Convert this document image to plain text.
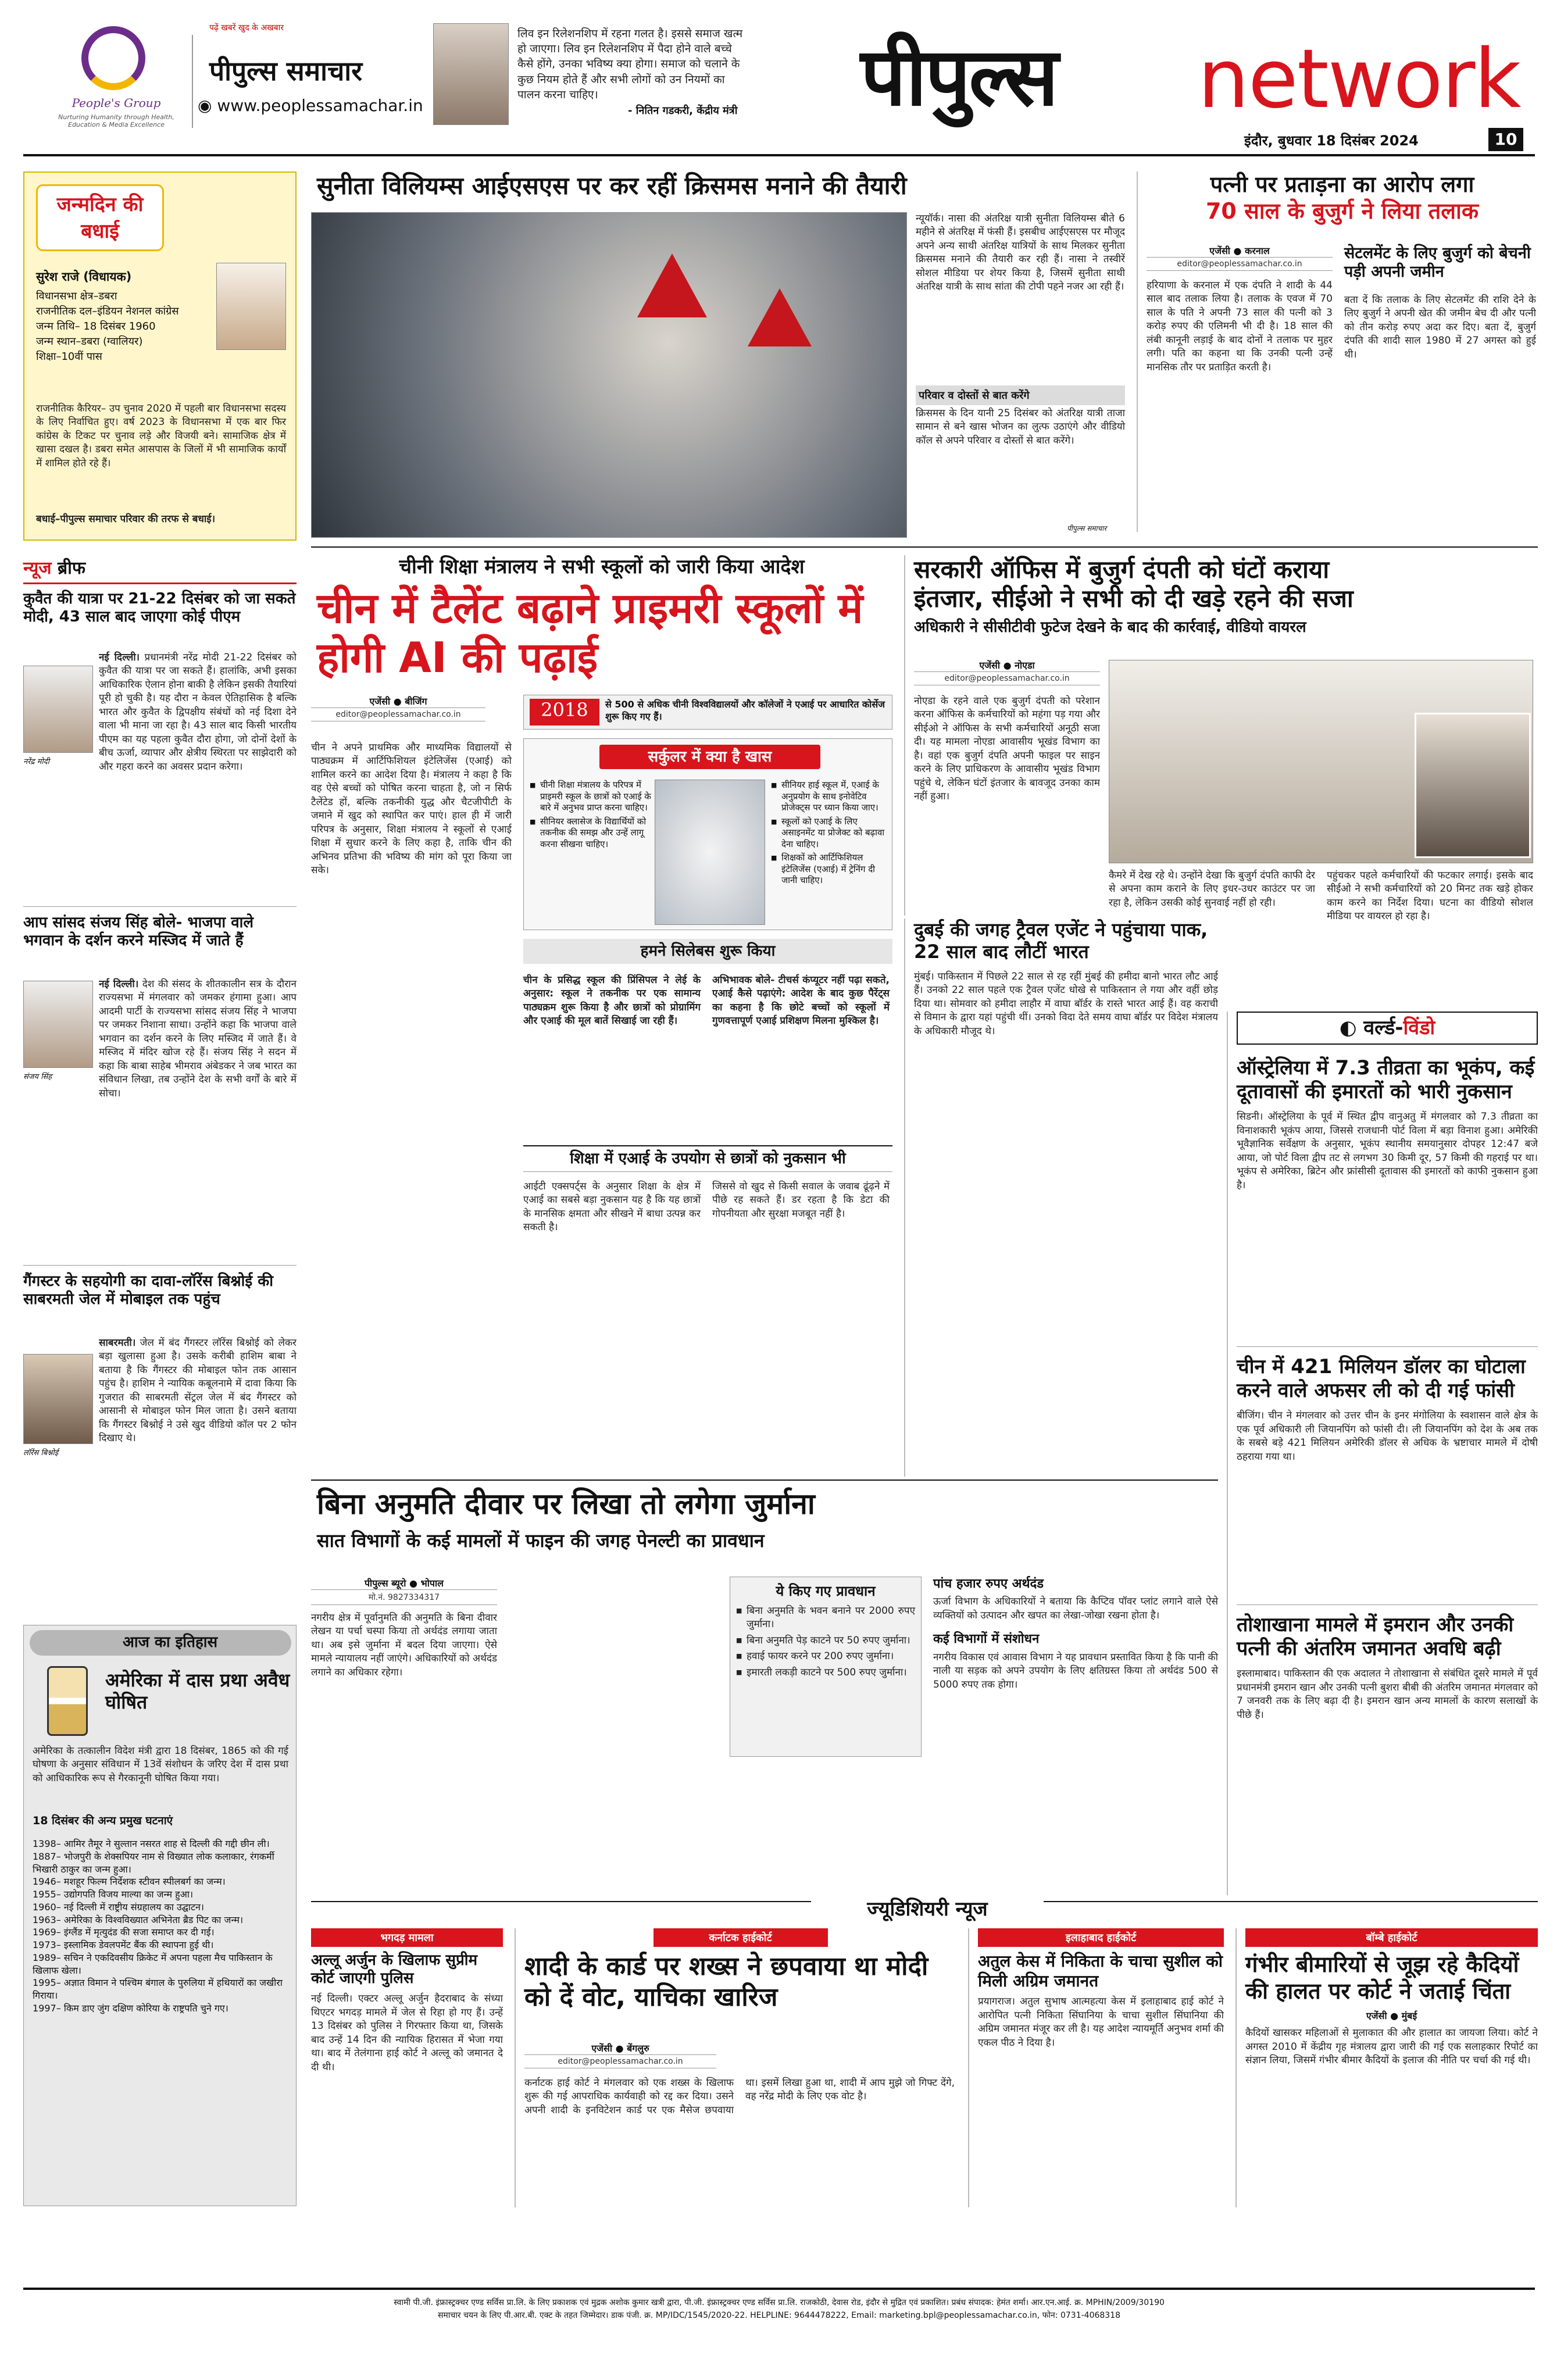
People's Group
Nurturing Humanity through Health, Education & Media Excellence
पढ़ें खबरें खुद के अखबार
पीपुल्स समाचार
◉ www.peoplessamachar.in
लिव इन रिलेशनशिप में रहना गलत है। इससे समाज खत्म हो जाएगा। लिव इन रिलेशनशिप में पैदा होने वाले बच्चे कैसे होंगे, उनका भविष्य क्या होगा। समाज को चलाने के कुछ नियम होते हैं और सभी लोगों को उन नियमों का पालन करना चाहिए।
- नितिन गडकरी, केंद्रीय मंत्री पीपुल्स network
इंदौर, बुधवार 18 दिसंबर 2024	10
जन्मदिन की बधाई
सुरेश राजे (विधायक)
विधानसभा क्षेत्र–डबरा
राजनीतिक दल–इंडियन नेशनल कांग्रेस
जन्म तिथि– 18 दिसंबर 1960
जन्म स्थान–डबरा (ग्वालियर)
शिक्षा–10वीं पास
राजनीतिक कैरियर– उप चुनाव 2020 में पहली बार विधानसभा सदस्य के लिए निर्वाचित हुए। वर्ष 2023 के विधानसभा में एक बार फिर कांग्रेस के टिकट पर चुनाव लड़े और विजयी बने। सामाजिक क्षेत्र में खासा दखल है। डबरा समेत आसपास के जिलों में भी सामाजिक कार्यों में शामिल होते रहे हैं।
बधाई–पीपुल्स समाचार परिवार की तरफ से बधाई।
न्यूज ब्रीफ
कुवैत की यात्रा पर 21-22 दिसंबर को जा सकते मोदी, 43 साल बाद जाएगा कोई पीएम
नरेंद्र मोदी
नई दिल्ली। प्रधानमंत्री नरेंद्र मोदी 21-22 दिसंबर को कुवैत की यात्रा पर जा सकते हैं। हालांकि, अभी इसका आधिकारिक ऐलान होना बाकी है लेकिन इसकी तैयारियां पूरी हो चुकी है। यह दौरा न केवल ऐतिहासिक है बल्कि भारत और कुवैत के द्विपक्षीय संबंधों को नई दिशा देने वाला भी माना जा रहा है। 43 साल बाद किसी भारतीय पीएम का यह पहला कुवैत दौरा होगा, जो दोनों देशों के बीच ऊर्जा, व्यापार और क्षेत्रीय स्थिरता पर साझेदारी को और गहरा करने का अवसर प्रदान करेगा।
आप सांसद संजय सिंह बोले- भाजपा वाले भगवान के दर्शन करने मस्जिद में जाते हैं
संजय सिंह
नई दिल्ली। देश की संसद के शीतकालीन सत्र के दौरान राज्यसभा में मंगलवार को जमकर हंगामा हुआ। आप आदमी पार्टी के राज्यसभा सांसद संजय सिंह ने भाजपा पर जमकर निशाना साधा। उन्होंने कहा कि भाजपा वाले भगवान का दर्शन करने के लिए मस्जिद में जाते हैं। वे मस्जिद में मंदिर खोज रहे हैं। संजय सिंह ने सदन में कहा कि बाबा साहेब भीमराव अंबेडकर ने जब भारत का संविधान लिखा, तब उन्होंने देश के सभी वर्गों के बारे में सोचा।
गैंगस्टर के सहयोगी का दावा-लॉरेंस बिश्नोई की साबरमती जेल में मोबाइल तक पहुंच
लॉरेंस बिश्नोई
साबरमती। जेल में बंद गैंगस्टर लॉरेंस बिश्नोई को लेकर बड़ा खुलासा हुआ है। उसके करीबी हाशिम बाबा ने बताया है कि गैंगस्टर की मोबाइल फोन तक आसान पहुंच है। हाशिम ने न्यायिक कबूलनामे में दावा किया कि गुजरात की साबरमती सेंट्रल जेल में बंद गैंगस्टर को आसानी से मोबाइल फोन मिल जाता है। उसने बताया कि गैंगस्टर बिश्नोई ने उसे खुद वीडियो कॉल पर 2 फोन दिखाए थे।
आज का इतिहास
अमेरिका में दास प्रथा अवैध घोषित
अमेरिका के तत्कालीन विदेश मंत्री द्वारा 18 दिसंबर, 1865 को की गई घोषणा के अनुसार संविधान में 13वें संशोधन के जरिए देश में दास प्रथा को आधिकारिक रूप से गैरकानूनी घोषित किया गया।
18 दिसंबर की अन्य प्रमुख घटनाएं
1398– आमिर तैमूर ने सुल्तान नसरत शाह से दिल्ली की गद्दी छीन ली।
1887– भोजपुरी के शेक्सपियर नाम से विख्यात लोक कलाकार, रंगकर्मी भिखारी ठाकुर का जन्म हुआ।
1946– मशहूर फिल्म निर्देशक स्टीवन स्पीलबर्ग का जन्म।
1955– उद्योगपति विजय माल्या का जन्म हुआ।
1960– नई दिल्ली में राष्ट्रीय संग्रहालय का उद्घाटन।
1963– अमेरिका के विश्वविख्यात अभिनेता ब्रैड पिट का जन्म।
1969– इंग्लैंड में मृत्युदंड की सजा समाप्त कर दी गई।
1973– इस्लामिक डेवलपमेंट बैंक की स्थापना हुई थी।
1989– सचिन ने एकदिवसीय क्रिकेट में अपना पहला मैच पाकिस्तान के खिलाफ खेला।
1995– अज्ञात विमान ने पश्चिम बंगाल के पुरुलिया में हथियारों का जखीरा गिराया।
1997– किम डाए जुंग दक्षिण कोरिया के राष्ट्रपति चुने गए।
सुनीता विलियम्स आईएसएस पर कर रहीं क्रिसमस मनाने की तैयारी
न्यूयॉर्क। नासा की अंतरिक्ष यात्री सुनीता विलियम्स बीते 6 महीने से अंतरिक्ष में फंसी हैं। इसबीच आईएसएस पर मौजूद अपने अन्य साथी अंतरिक्ष यात्रियों के साथ मिलकर सुनीता क्रिसमस मनाने की तैयारी कर रही हैं। नासा ने तस्वीरें सोशल मीडिया पर शेयर किया है, जिसमें सुनीता साथी अंतरिक्ष यात्री के साथ सांता की टोपी पहने नजर आ रही हैं।
परिवार व दोस्तों से बात करेंगे
क्रिसमस के दिन यानी 25 दिसंबर को अंतरिक्ष यात्री ताजा सामान से बने खास भोजन का लुत्फ उठाएंगे और वीडियो कॉल से अपने परिवार व दोस्तों से बात करेंगे।
पीपुल्स समाचार
पत्नी पर प्रताड़ना का आरोप लगा
70 साल के बुजुर्ग ने लिया तलाक
एजेंसी ● करनाल
editor@peoplessamachar.co.in
हरियाणा के करनाल में एक दंपति ने शादी के 44 साल बाद तलाक लिया है। तलाक के एवज में 70 साल के पति ने अपनी 73 साल की पत्नी को 3 करोड़ रुपए की एलिमनी भी दी है। 18 साल की लंबी कानूनी लड़ाई के बाद दोनों ने तलाक पर मुहर लगी। पति का कहना था कि उनकी पत्नी उन्हें मानसिक तौर पर प्रताड़ित करती है।
सेटलमेंट के लिए बुजुर्ग को बेचनी पड़ी अपनी जमीन
बता दें कि तलाक के लिए सेटलमेंट की राशि देने के लिए बुजुर्ग ने अपनी खेत की जमीन बेच दी और पत्नी को तीन करोड़ रुपए अदा कर दिए। बता दें, बुजुर्ग दंपति की शादी साल 1980 में 27 अगस्त को हुई थी।
चीनी शिक्षा मंत्रालय ने सभी स्कूलों को जारी किया आदेश
चीन में टैलेंट बढ़ाने प्राइमरी स्कूलों में होगी AI की पढ़ाई
एजेंसी ● बीजिंग
editor@peoplessamachar.co.in	2018	से 500 से अधिक चीनी विश्वविद्यालयों और कॉलेजों ने एआई पर आधारित कोर्सेज शुरू किए गए हैं।
चीन ने अपने प्राथमिक और माध्यमिक विद्यालयों से पाठ्यक्रम में आर्टिफिशियल इंटेलिजेंस (एआई) को शामिल करने का आदेश दिया है। मंत्रालय ने कहा है कि वह ऐसे बच्चों को पोषित करना चाहता है, जो न सिर्फ टैलेंटेड हों, बल्कि तकनीकी युद्ध और चैटजीपीटी के जमाने में खुद को स्थापित कर पाएं। हाल ही में जारी परिपत्र के अनुसार, शिक्षा मंत्रालय ने स्कूलों से एआई शिक्षा में सुधार करने के लिए कहा है, ताकि चीन की अभिनव प्रतिभा की भविष्य की मांग को पूरा किया जा सके।
सर्कुलर में क्या है खास
■ चीनी शिक्षा मंत्रालय के परिपत्र में प्राइमरी स्कूल के छात्रों को एआई के बारे में अनुभव प्राप्त करना चाहिए।
■ सीनियर क्लासेज के विद्यार्थियों को तकनीक की समझ और उन्हें लागू करना सीखना चाहिए।
■ सीनियर हाई स्कूल में, एआई के अनुप्रयोग के साथ इनोवेटिव प्रोजेक्ट्स पर ध्यान किया जाए।
■ स्कूलों को एआई के लिए असाइनमेंट या प्रोजेक्ट को बढ़ावा देना चाहिए।
■ शिक्षकों को आर्टिफिशियल इंटेलिजेंस (एआई) में ट्रेनिंग दी जानी चाहिए।
हमने सिलेबस शुरू किया
चीन के प्रसिद्ध स्कूल की प्रिंसिपल ने लेई के अनुसार: स्कूल ने तकनीक पर एक सामान्य पाठ्यक्रम शुरू किया है और छात्रों को प्रोग्रामिंग और एआई की मूल बातें सिखाई जा रही हैं।
अभिभावक बोले- टीचर्स कंप्यूटर नहीं पढ़ा सकते, एआई कैसे पढ़ाएंगे: आदेश के बाद कुछ पैरेंट्स का कहना है कि छोटे बच्चों को स्कूलों में गुणवत्तापूर्ण एआई प्रशिक्षण मिलना मुश्किल है।
शिक्षा में एआई के उपयोग से छात्रों को नुकसान भी
आईटी एक्सपर्ट्स के अनुसार शिक्षा के क्षेत्र में एआई का सबसे बड़ा नुकसान यह है कि यह छात्रों के मानसिक क्षमता और सीखने में बाधा उत्पन्न कर सकती है।
जिससे वो खुद से किसी सवाल के जवाब ढूंढ़ने में पीछे रह सकते हैं। डर रहता है कि डेटा की गोपनीयता और सुरक्षा मजबूत नहीं है।
सरकारी ऑफिस में बुजुर्ग दंपती को घंटों कराया
इंतजार, सीईओ ने सभी को दी खड़े रहने की सजा
अधिकारी ने सीसीटीवी फुटेज देखने के बाद की कार्रवाई, वीडियो वायरल
एजेंसी ● नोएडा
editor@peoplessamachar.co.in
नोएडा के रहने वाले एक बुजुर्ग दंपती को परेशान करना ऑफिस के कर्मचारियों को महंगा पड़ गया और सीईओ ने ऑफिस के सभी कर्मचारियों अनूठी सजा दी। यह मामला नोएडा आवासीय भूखंड विभाग का है। वहां एक बुजुर्ग दंपति अपनी फाइल पर साइन करने के लिए प्राधिकरण के आवासीय भूखंड विभाग पहुंचे थे, लेकिन घंटों इंतजार के बावजूद उनका काम नहीं हुआ।
कैमरे में देख रहे थे। उन्होंने देखा कि बुजुर्ग दंपति काफी देर से अपना काम कराने के लिए इधर-उधर काउंटर पर जा रहा है, लेकिन उसकी कोई सुनवाई नहीं हो रही।
पहुंचकर पहले कर्मचारियों की फटकार लगाई। इसके बाद सीईओ ने सभी कर्मचारियों को 20 मिनट तक खड़े होकर काम करने का निर्देश दिया। घटना का वीडियो सोशल मीडिया पर वायरल हो रहा है।
दुबई की जगह ट्रैवल एजेंट ने पहुंचाया पाक, 22 साल बाद लौटीं भारत
मुंबई। पाकिस्तान में पिछले 22 साल से रह रहीं मुंबई की हमीदा बानो भारत लौट आई हैं। उनको 22 साल पहले एक ट्रैवल एजेंट धोखे से पाकिस्तान ले गया और वहीं छोड़ दिया था। सोमवार को हमीदा लाहौर में वाघा बॉर्डर के रास्ते भारत आई हैं। वह कराची से विमान के द्वारा यहां पहुंची थीं। उनको विदा देते समय वाघा बॉर्डर पर विदेश मंत्रालय के अधिकारी मौजूद थे।	◐ वर्ल्ड-विंडो
ऑस्ट्रेलिया में 7.3 तीव्रता का भूकंप, कई दूतावासों की इमारतों को भारी नुकसान
सिडनी। ऑस्ट्रेलिया के पूर्व में स्थित द्वीप वानुअतु में मंगलवार को 7.3 तीव्रता का विनाशकारी भूकंप आया, जिससे राजधानी पोर्ट विला में बड़ा विनाश हुआ। अमेरिकी भूवैज्ञानिक सर्वेक्षण के अनुसार, भूकंप स्थानीय समयानुसार दोपहर 12:47 बजे आया, जो पोर्ट विला द्वीप तट से लगभग 30 किमी दूर, 57 किमी की गहराई पर था। भूकंप से अमेरिका, ब्रिटेन और फ्रांसीसी दूतावास की इमारतों को काफी नुकसान हुआ है।
चीन में 421 मिलियन डॉलर का घोटाला करने वाले अफसर ली को दी गई फांसी
बीजिंग। चीन ने मंगलवार को उत्तर चीन के इनर मंगोलिया के स्वशासन वाले क्षेत्र के एक पूर्व अधिकारी ली जियानपिंग को फांसी दी। ली जियानपिंग को देश के अब तक के सबसे बड़े 421 मिलियन अमेरिकी डॉलर से अधिक के भ्रष्टाचार मामले में दोषी ठहराया गया था।
तोशाखाना मामले में इमरान और उनकी पत्नी की अंतरिम जमानत अवधि बढ़ी
इस्लामाबाद। पाकिस्तान की एक अदालत ने तोशाखाना से संबंधित दूसरे मामले में पूर्व प्रधानमंत्री इमरान खान और उनकी पत्नी बुशरा बीबी की अंतरिम जमानत मंगलवार को 7 जनवरी तक के लिए बढ़ा दी है। इमरान खान अन्य मामलों के कारण सलाखों के पीछे हैं।
बिना अनुमति दीवार पर लिखा तो लगेगा जुर्माना
सात विभागों के कई मामलों में फाइन की जगह पेनल्टी का प्रावधान
पीपुल्स ब्यूरो ● भोपाल
मो.नं. 9827334317
नगरीय क्षेत्र में पूर्वानुमति की अनुमति के बिना दीवार लेखन या पर्चा चस्पा किया तो अर्थदंड लगाया जाता था। अब इसे जुर्माना में बदल दिया जाएगा। ऐसे मामले न्यायालय नहीं जाएंगे। अधिकारियों को अर्थदंड लगाने का अधिकार रहेगा।
ये किए गए प्रावधान
■ बिना अनुमति के भवन बनाने पर 2000 रुपए जुर्माना।
■ बिना अनुमति पेड़ काटने पर 50 रुपए जुर्माना।
■ हवाई फायर करने पर 200 रुपए जुर्माना।
■ इमारती लकड़ी काटने पर 500 रुपए जुर्माना।
पांच हजार रुपए अर्थदंड
ऊर्जा विभाग के अधिकारियों ने बताया कि कैप्टिव पॉवर प्लांट लगाने वाले ऐसे व्यक्तियों को उत्पादन और खपत का लेखा-जोखा रखना होता है।
कई विभागों में संशोधन
नगरीय विकास एवं आवास विभाग ने यह प्रावधान प्रस्तावित किया है कि पानी की नाली या सड़क को अपने उपयोग के लिए क्षतिग्रस्त किया तो अर्थदंड 500 से 5000 रुपए तक होगा।
ज्यूडिशियरी न्यूज
भगदड़ मामला
अल्लू अर्जुन के खिलाफ सुप्रीम कोर्ट जाएगी पुलिस
नई दिल्ली। एक्टर अल्लू अर्जुन हैदराबाद के संध्या थिएटर भगदड़ मामले में जेल से रिहा हो गए हैं। उन्हें 13 दिसंबर को पुलिस ने गिरफ्तार किया था, जिसके बाद उन्हें 14 दिन की न्यायिक हिरासत में भेजा गया था। बाद में तेलंगाना हाई कोर्ट ने अल्लू को जमानत दे दी थी।
कर्नाटक हाईकोर्ट
शादी के कार्ड पर शख्स ने छपवाया था मोदी को दें वोट, याचिका खारिज
एजेंसी ● बेंगलुरु
editor@peoplessamachar.co.in
कर्नाटक हाई कोर्ट ने मंगलवार को एक शख्स के खिलाफ शुरू की गई आपराधिक कार्यवाही को रद्द कर दिया। उसने अपनी शादी के इनविटेशन कार्ड पर एक मैसेज छपवाया था। इसमें लिखा हुआ था, शादी में आप मुझे जो गिफ्ट देंगे, वह नरेंद्र मोदी के लिए एक वोट है।
इलाहाबाद हाईकोर्ट
अतुल केस में निकिता के चाचा सुशील को मिली अग्रिम जमानत
प्रयागराज। अतुल सुभाष आत्महत्या केस में इलाहाबाद हाई कोर्ट ने आरोपित पत्नी निकिता सिंघानिया के चाचा सुशील सिंघानिया की अग्रिम जमानत मंजूर कर ली है। यह आदेश न्यायमूर्ति अनुभव शर्मा की एकल पीठ ने दिया है।
बॉम्बे हाईकोर्ट
गंभीर बीमारियों से जूझ रहे कैदियों की हालत पर कोर्ट ने जताई चिंता
एजेंसी ● मुंबई
कैदियों खासकर महिलाओं से मुलाकात की और हालात का जायजा लिया। कोर्ट ने अगस्त 2010 में केंद्रीय गृह मंत्रालय द्वारा जारी की गई एक सलाहकार रिपोर्ट का संज्ञान लिया, जिसमें गंभीर बीमार कैदियों के इलाज की नीति पर चर्चा की गई थी।
स्वामी पी.जी. इंफ्रास्ट्रक्चर एण्ड सर्विस प्रा.लि. के लिए प्रकाशक एवं मुद्रक अशोक कुमार खत्री द्वारा, पी.जी. इंफ्रास्ट्रक्चर एण्ड सर्विस प्रा.लि. राजकोठी, देवास रोड, इंदौर से मुद्रित एवं प्रकाशित। प्रबंध संपादक: हेमंत शर्मा। आर.एन.आई. क्र. MPHIN/2009/30190
समाचार चयन के लिए पी.आर.बी. एक्ट के तहत जिम्मेदार। डाक पंजी. क्र. MP/IDC/1545/2020-22. HELPLINE: 9644478222, Email: marketing.bpl@peoplessamachar.co.in, फोन: 0731-4068318
